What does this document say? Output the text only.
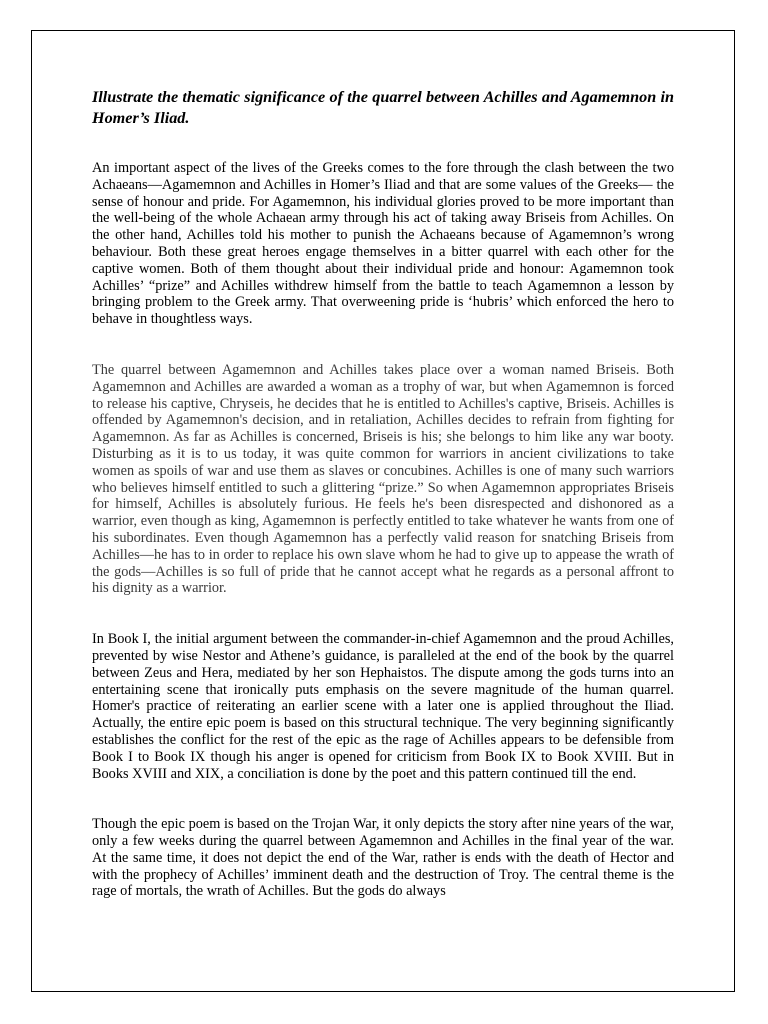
Illustrate the thematic significance of the quarrel between Achilles and Agamemnon in Homer’s Iliad.

An important aspect of the lives of the Greeks comes to the fore through the clash between the two Achaeans—Agamemnon and Achilles in Homer’s Iliad and that are some values of the Greeks— the sense of honour and pride. For Agamemnon, his individual glories proved to be more important than the well-being of the whole Achaean army through his act of taking away Briseis from Achilles. On the other hand, Achilles told his mother to punish the Achaeans because of Agamemnon’s wrong behaviour. Both these great heroes engage themselves in a bitter quarrel with each other for the captive women. Both of them thought about their individual pride and honour: Agamemnon took Achilles’ “prize” and Achilles withdrew himself from the battle to teach Agamemnon a lesson by bringing problem to the Greek army. That overweening pride is ‘hubris’ which enforced the hero to behave in thoughtless ways.

The quarrel between Agamemnon and Achilles takes place over a woman named Briseis. Both Agamemnon and Achilles are awarded a woman as a trophy of war, but when Agamemnon is forced to release his captive, Chryseis, he decides that he is entitled to Achilles's captive, Briseis. Achilles is offended by Agamemnon's decision, and in retaliation, Achilles decides to refrain from fighting for Agamemnon. As far as Achilles is concerned, Briseis is his; she belongs to him like any war booty. Disturbing as it is to us today, it was quite common for warriors in ancient civilizations to take women as spoils of war and use them as slaves or concubines. Achilles is one of many such warriors who believes himself entitled to such a glittering “prize.” So when Agamemnon appropriates Briseis for himself, Achilles is absolutely furious. He feels he's been disrespected and dishonored as a warrior, even though as king, Agamemnon is perfectly entitled to take whatever he wants from one of his subordinates. Even though Agamemnon has a perfectly valid reason for snatching Briseis from Achilles—he has to in order to replace his own slave whom he had to give up to appease the wrath of the gods—Achilles is so full of pride that he cannot accept what he regards as a personal affront to his dignity as a warrior.

In Book I, the initial argument between the commander-in-chief Agamemnon and the proud Achilles, prevented by wise Nestor and Athene’s guidance, is paralleled at the end of the book by the quarrel between Zeus and Hera, mediated by her son Hephaistos. The dispute among the gods turns into an entertaining scene that ironically puts emphasis on the severe magnitude of the human quarrel. Homer's practice of reiterating an earlier scene with a later one is applied throughout the Iliad. Actually, the entire epic poem is based on this structural technique. The very beginning significantly establishes the conflict for the rest of the epic as the rage of Achilles appears to be defensible from Book I to Book IX though his anger is opened for criticism from Book IX to Book XVIII. But in Books XVIII and XIX, a conciliation is done by the poet and this pattern continued till the end.

Though the epic poem is based on the Trojan War, it only depicts the story after nine years of the war, only a few weeks during the quarrel between Agamemnon and Achilles in the final year of the war. At the same time, it does not depict the end of the War, rather is ends with the death of Hector and with the prophecy of Achilles’ imminent death and the destruction of Troy. The central theme is the rage of mortals, the wrath of Achilles. But the gods do always
